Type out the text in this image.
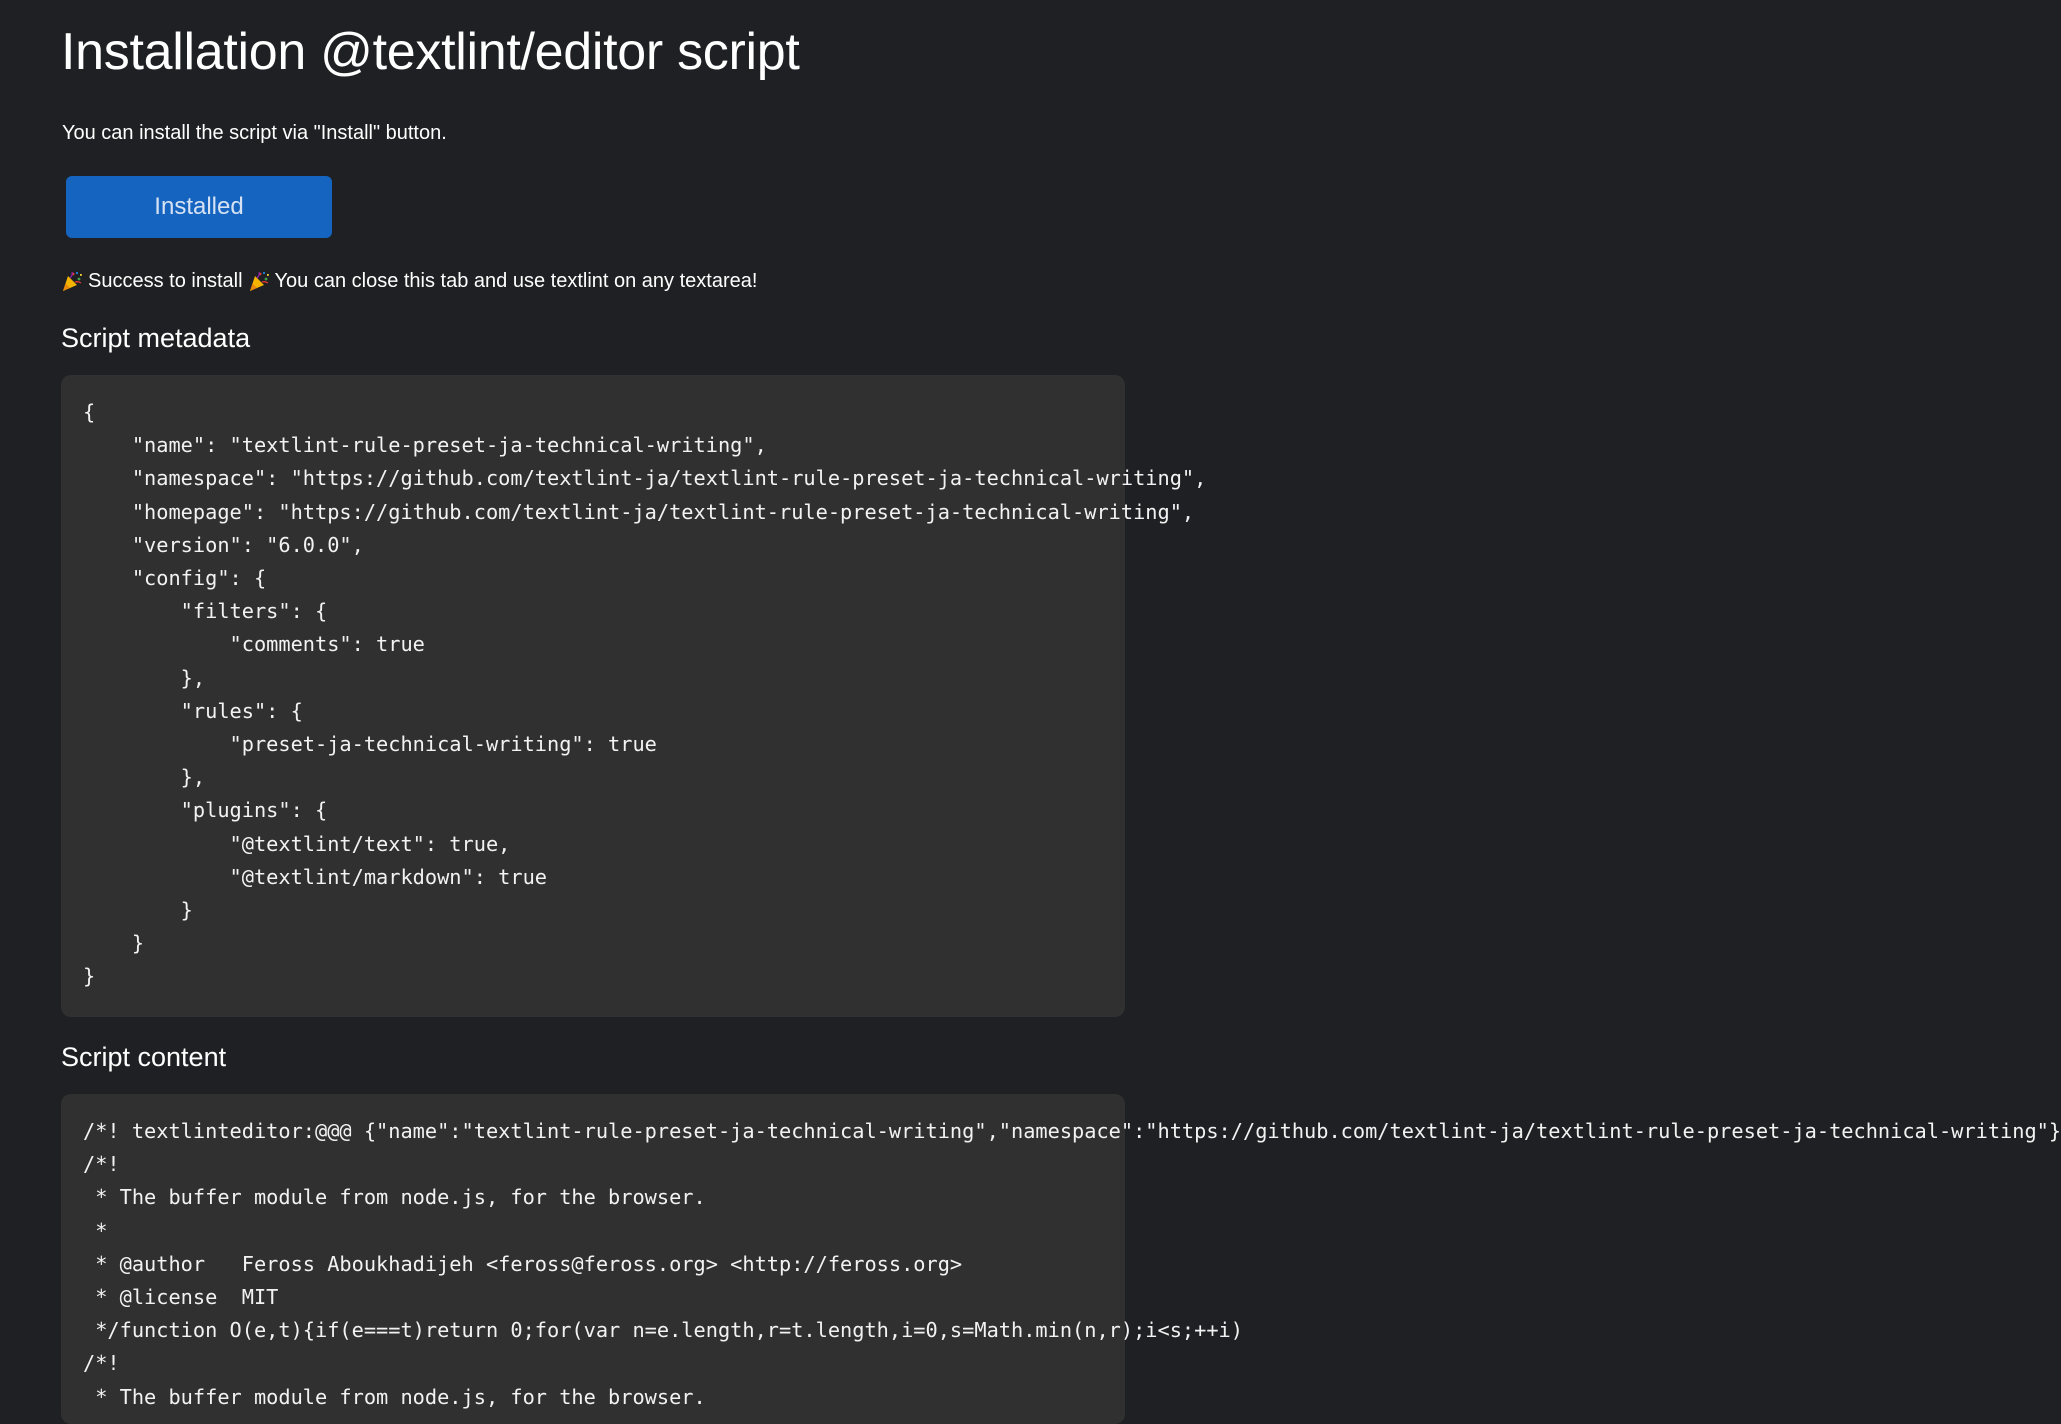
Installation @textlint/editor script

You can install the script via "Install" button.

Installed

Success to install You can close this tab and use textlint on any textarea!

Script metadata
{
"name": "textlint-rule-preset-ja-technical-writing",
"namespace": "https://github.com/textlint-ja/textlint-rule-preset-ja-technical-writing",
"homepage": "https://github.com/textlint-ja/textlint-rule-preset-ja-technical-writing",
"version": "6.0.0",
"config": {
"filters": {
"comments": true
},
"rules": {
"preset-ja-technical-writing": true
},
"plugins": {
"@textlint/text": true,
"@textlint/markdown": true
}
}
}
Script content
/*! textlinteditor:@@@ {"name":"textlint-rule-preset-ja-technical-writing","namespace":"https://github.com/textlint-ja/textlint-rule-preset-ja-technical-writing"}
/*!
* The buffer module from node.js, for the browser.
*
* @author   Feross Aboukhadijeh <feross@feross.org> <http://feross.org>
* @license  MIT
*/function O(e,t){if(e===t)return 0;for(var n=e.length,r=t.length,i=0,s=Math.min(n,r);i<s;++i)
/*!
* The buffer module from node.js, for the browser.
